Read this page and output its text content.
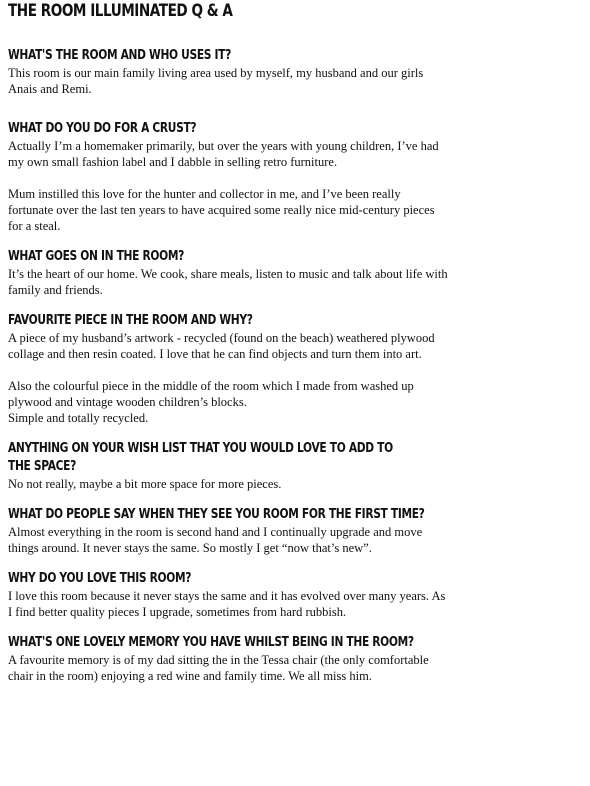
THE ROOM ILLUMINATED Q & A
WHAT'S THE ROOM AND WHO USES IT?

This room is our main family living area used by myself, my husband and our girls Anais and Remi.

WHAT DO YOU DO FOR A CRUST?

Actually I’m a homemaker primarily, but over the years with young children, I’ve had my own small fashion label and I dabble in selling retro furniture.

Mum instilled this love for the hunter and collector in me, and I’ve been really fortunate over the last ten years to have acquired some really nice mid-century pieces for a steal.

WHAT GOES ON IN THE ROOM?

It’s the heart of our home. We cook, share meals, listen to music and talk about life with family and friends.

FAVOURITE PIECE IN THE ROOM AND WHY?

A piece of my husband’s artwork - recycled (found on the beach) weathered plywood collage and then resin coated. I love that he can find objects and turn them into art.

Also the colourful piece in the middle of the room which I made from washed up plywood and vintage wooden children’s blocks.

Simple and totally recycled.

ANYTHING ON YOUR WISH LIST THAT YOU WOULD LOVE TO ADD TO THE SPACE?

No not really, maybe a bit more space for more pieces.

WHAT DO PEOPLE SAY WHEN THEY SEE YOU ROOM FOR THE FIRST TIME?

Almost everything in the room is second hand and I continually upgrade and move things around. It never stays the same. So mostly I get “now that’s new”.

WHY DO YOU LOVE THIS ROOM?

I love this room because it never stays the same and it has evolved over many years. As I find better quality pieces I upgrade, sometimes from hard rubbish.

WHAT'S ONE LOVELY MEMORY YOU HAVE WHILST BEING IN THE ROOM?

A favourite memory is of my dad sitting the in the Tessa chair (the only comfortable chair in the room) enjoying a red wine and family time. We all miss him.
